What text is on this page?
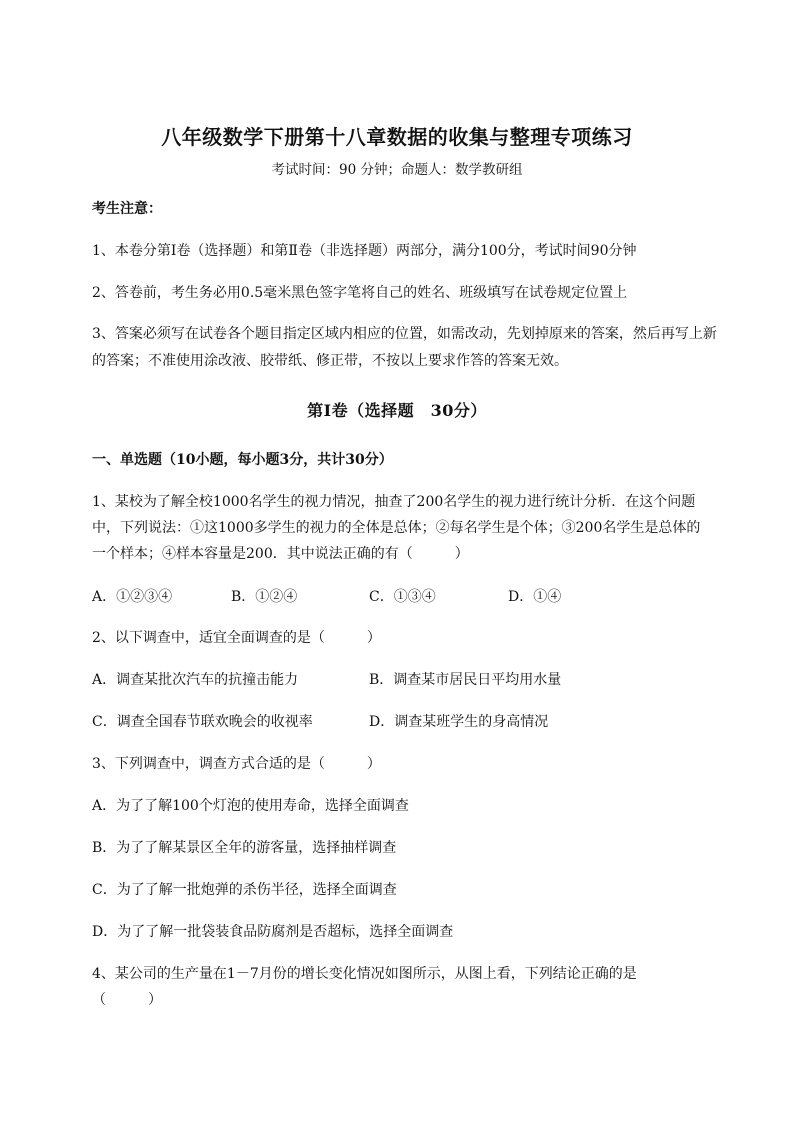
八年级数学下册第十八章数据的收集与整理专项练习
考试时间：90 分钟；命题人：数学教研组
考生注意：
1、本卷分第Ⅰ卷（选择题）和第Ⅱ卷（非选择题）两部分，满分100分，考试时间90分钟
2、答卷前，考生务必用0.5毫米黑色签字笔将自己的姓名、班级填写在试卷规定位置上
3、答案必须写在试卷各个题目指定区域内相应的位置，如需改动，先划掉原来的答案，然后再写上新
的答案；不准使用涂改液、胶带纸、修正带，不按以上要求作答的答案无效。
第Ⅰ卷（选择题　30分）
一、单选题（10小题，每小题3分，共计30分）
1、某校为了解全校1000名学生的视力情况，抽查了200名学生的视力进行统计分析．在这个问题
中，下列说法：①这1000多学生的视力的全体是总体；②每名学生是个体；③200名学生是总体的
一个样本；④样本容量是200．其中说法正确的有（　　　）
A．①②③④	B．①②④	C．①③④	D．①④
2、以下调查中，适宜全面调查的是（　　　）
A．调查某批次汽车的抗撞击能力	B．调查某市居民日平均用水量
C．调查全国春节联欢晚会的收视率	D．调查某班学生的身高情况
3、下列调查中，调查方式合适的是（　　　）
A．为了了解100个灯泡的使用寿命，选择全面调查
B．为了了解某景区全年的游客量，选择抽样调查
C．为了了解一批炮弹的杀伤半径，选择全面调查
D．为了了解一批袋装食品防腐剂是否超标，选择全面调查
4、某公司的生产量在1－7月份的增长变化情况如图所示，从图上看，下列结论正确的是
（　　　）
